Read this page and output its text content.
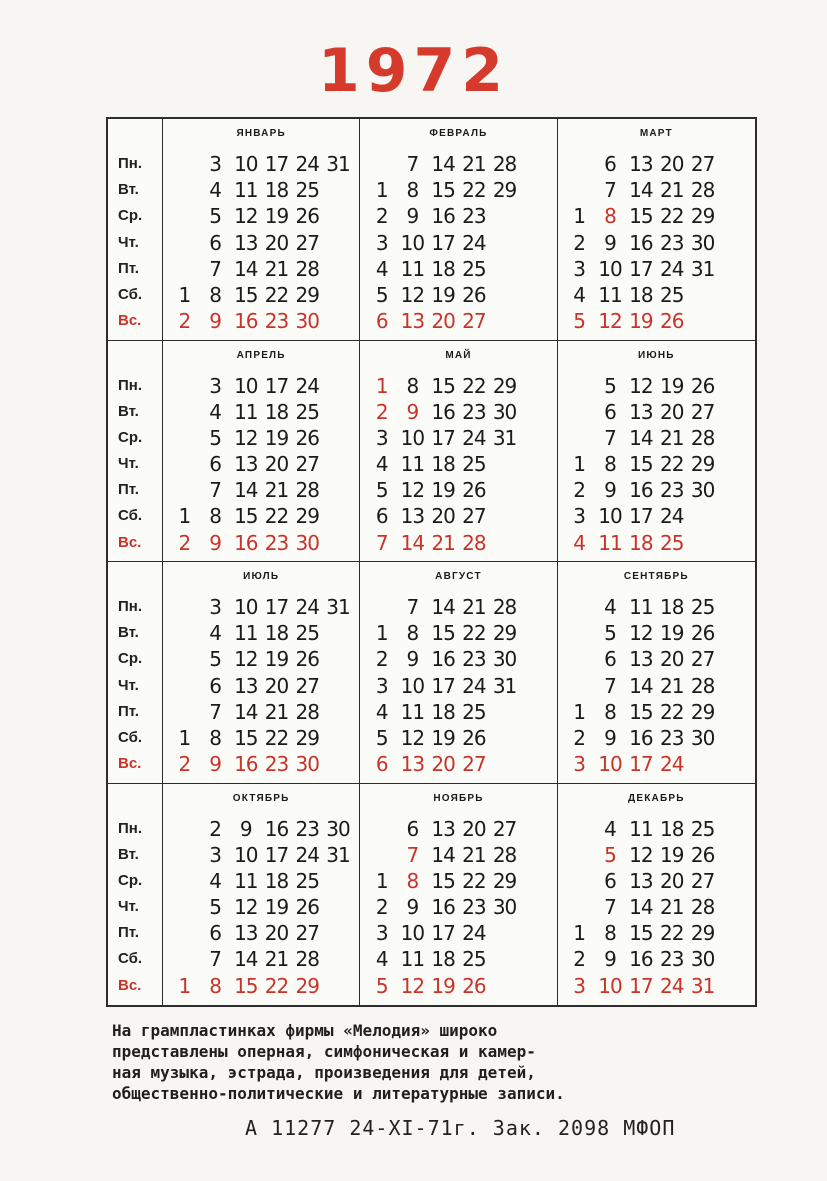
1972
Пн.
Вт.
Ср.
Чт.
Пт.
Сб.
Вс.
ЯНВАРЬ
3 10 17 24 31
4 11 18 25
5 12 19 26
6 13 20 27
7 14 21 28
1 8 15 22 29
2 9 16 23 30
ФЕВРАЛЬ
7 14 21 28
1 8 15 22 29
2 9 16 23
3 10 17 24
4 11 18 25
5 12 19 26
6 13 20 27
МАРТ
6 13 20 27
7 14 21 28
1 8 15 22 29
2 9 16 23 30
3 10 17 24 31
4 11 18 25
5 12 19 26
Пн.
Вт.
Ср.
Чт.
Пт.
Сб.
Вс.
АПРЕЛЬ
3 10 17 24
4 11 18 25
5 12 19 26
6 13 20 27
7 14 21 28
1 8 15 22 29
2 9 16 23 30
МАЙ
1 8 15 22 29
2 9 16 23 30
3 10 17 24 31
4 11 18 25
5 12 19 26
6 13 20 27
7 14 21 28
ИЮНЬ
5 12 19 26
6 13 20 27
7 14 21 28
1 8 15 22 29
2 9 16 23 30
3 10 17 24
4 11 18 25
Пн.
Вт.
Ср.
Чт.
Пт.
Сб.
Вс.
ИЮЛЬ
3 10 17 24 31
4 11 18 25
5 12 19 26
6 13 20 27
7 14 21 28
1 8 15 22 29
2 9 16 23 30
АВГУСТ
7 14 21 28
1 8 15 22 29
2 9 16 23 30
3 10 17 24 31
4 11 18 25
5 12 19 26
6 13 20 27
СЕНТЯБРЬ
4 11 18 25
5 12 19 26
6 13 20 27
7 14 21 28
1 8 15 22 29
2 9 16 23 30
3 10 17 24
Пн.
Вт.
Ср.
Чт.
Пт.
Сб.
Вс.
ОКТЯБРЬ
2 9 16 23 30
3 10 17 24 31
4 11 18 25
5 12 19 26
6 13 20 27
7 14 21 28
1 8 15 22 29
НОЯБРЬ
6 13 20 27
7 14 21 28
1 8 15 22 29
2 9 16 23 30
3 10 17 24
4 11 18 25
5 12 19 26
ДЕКАБРЬ
4 11 18 25
5 12 19 26
6 13 20 27
7 14 21 28
1 8 15 22 29
2 9 16 23 30
3 10 17 24 31

На грампластинках фирмы «Мелодия» широко

представлены оперная, симфоническая и камер-

ная музыка, эстрада, произведения для детей,

общественно-политические и литературные записи.

А 11277 24-XI-71г. Зак. 2098 МФОП
